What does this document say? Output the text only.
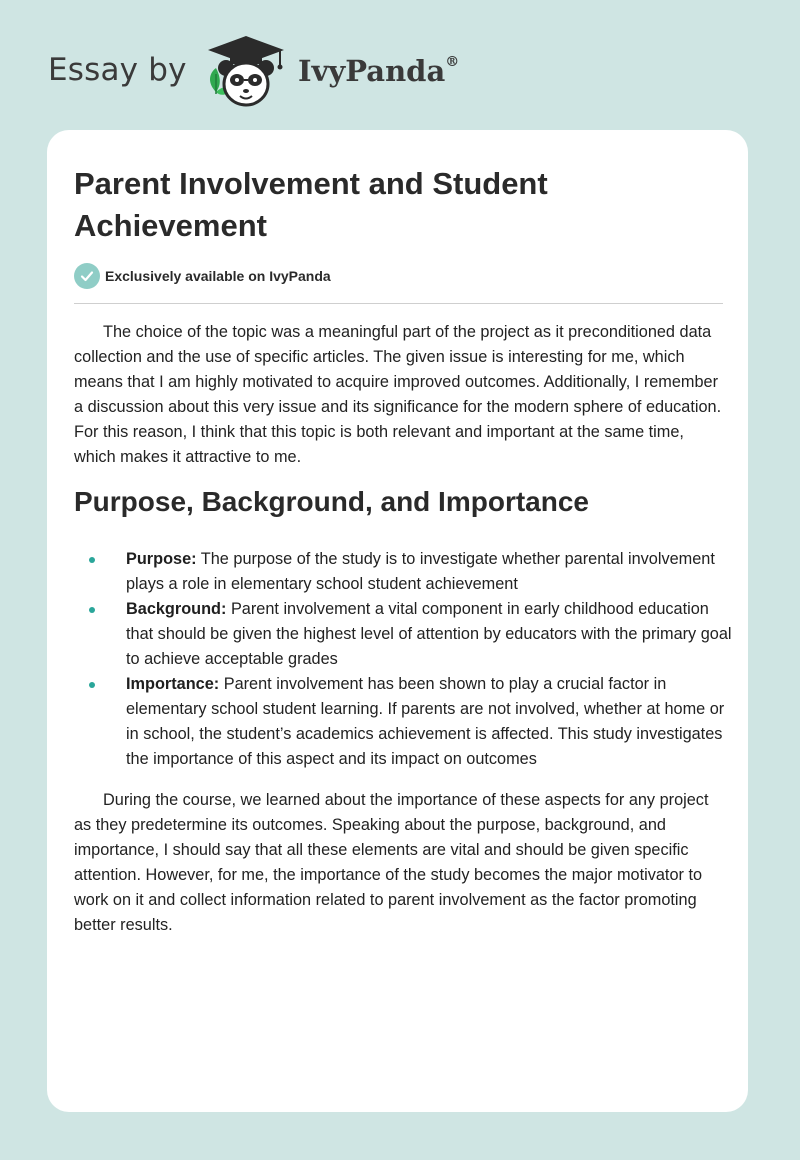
Essay by	IvyPanda®
Parent Involvement and Student Achievement
Exclusively available on IvyPanda

The choice of the topic was a meaningful part of the project as it preconditioned data collection and the use of specific articles. The given issue is interesting for me, which means that I am highly motivated to acquire improved outcomes. Additionally, I remember a discussion about this very issue and its significance for the modern sphere of education. For this reason, I think that this topic is both relevant and important at the same time, which makes it attractive to me.

Purpose, Background, and Importance
Purpose: The purpose of the study is to investigate whether parental involvement plays a role in elementary school student achievement
Background: Parent involvement a vital component in early childhood education that should be given the highest level of attention by educators with the primary goal to achieve acceptable grades
Importance: Parent involvement has been shown to play a crucial factor in elementary school student learning. If parents are not involved, whether at home or in school, the student’s academics achievement is affected. This study investigates the importance of this aspect and its impact on outcomes

During the course, we learned about the importance of these aspects for any project as they predetermine its outcomes. Speaking about the purpose, background, and importance, I should say that all these elements are vital and should be given specific attention. However, for me, the importance of the study becomes the major motivator to work on it and collect information related to parent involvement as the factor promoting better results.
